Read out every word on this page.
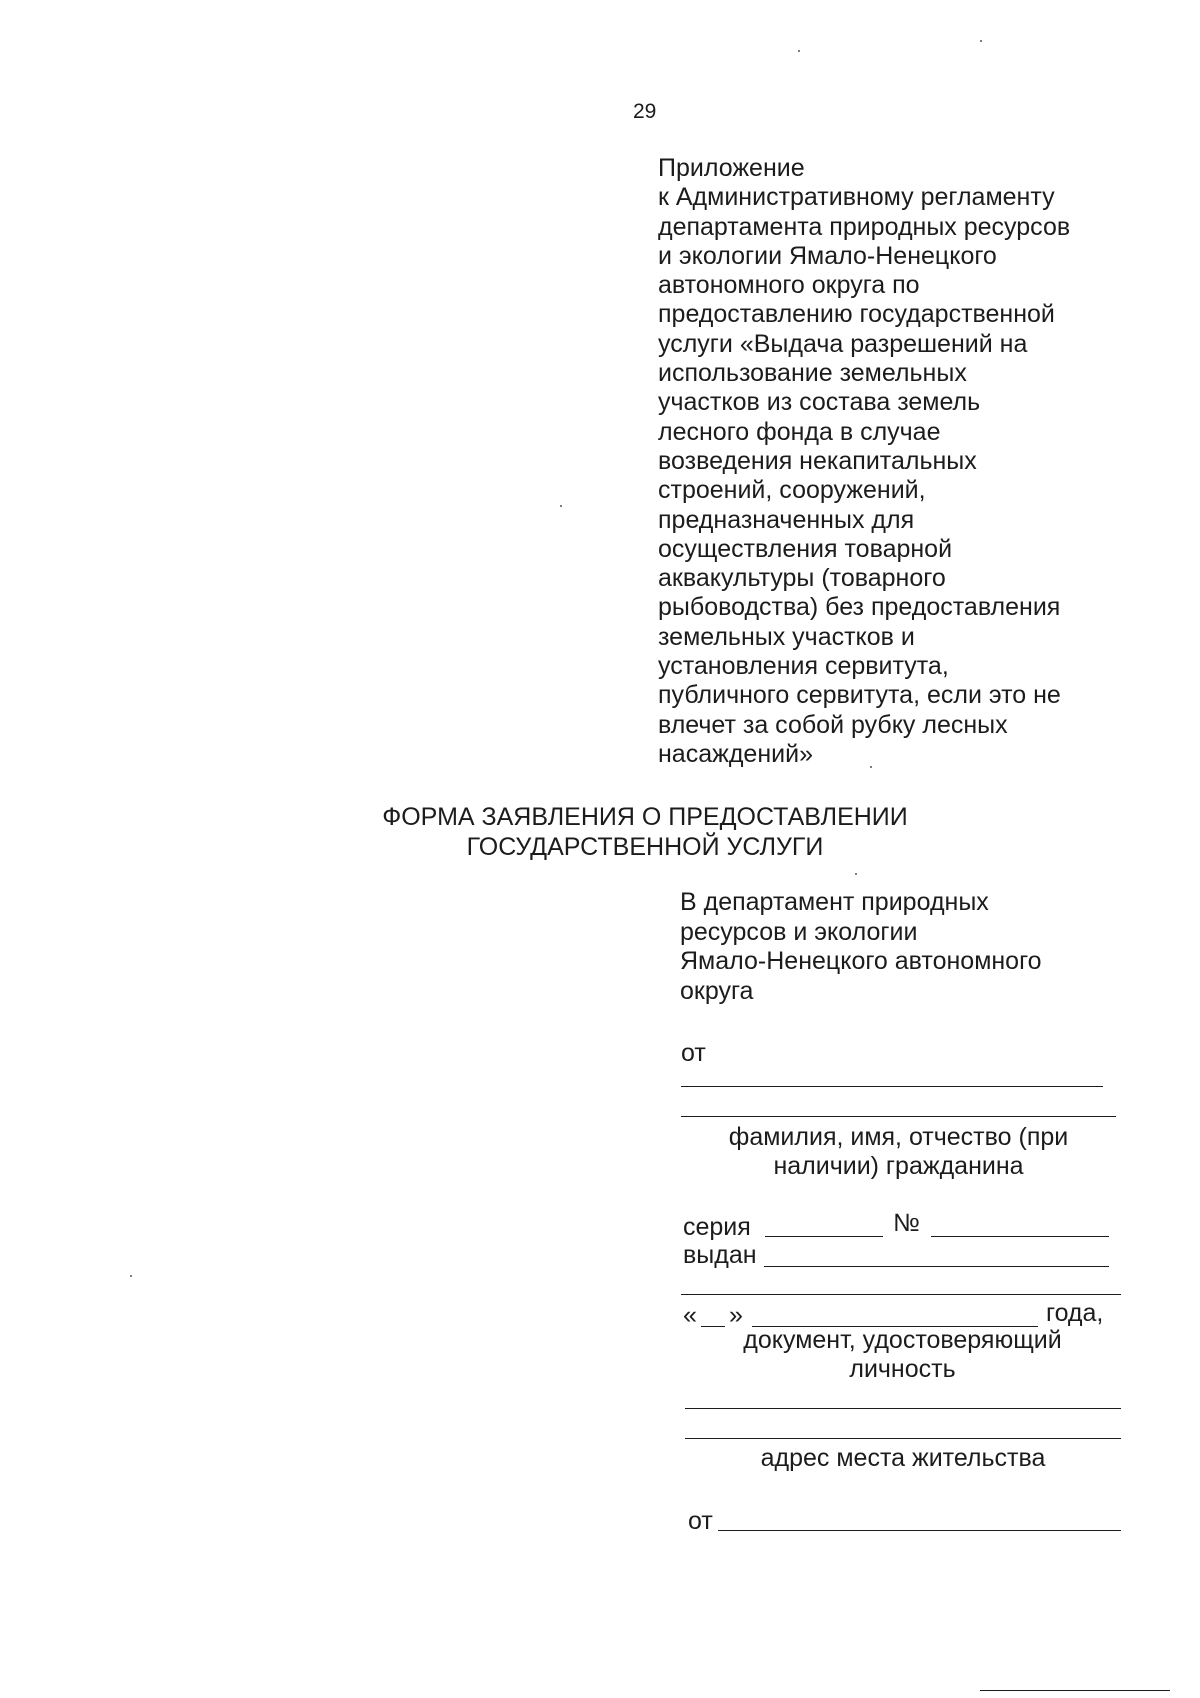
29
Приложение
к Административному регламенту
департамента природных ресурсов
и экологии Ямало-Ненецкого
автономного округа по
предоставлению государственной
услуги «Выдача разрешений на
использование земельных
участков из состава земель
лесного фонда в случае
возведения некапитальных
строений, сооружений,
предназначенных для
осуществления товарной
аквакультуры (товарного
рыбоводства) без предоставления
земельных участков и
установления сервитута,
публичного сервитута, если это не
влечет за собой рубку лесных
насаждений»
ФОРМА ЗАЯВЛЕНИЯ О ПРЕДОСТАВЛЕНИИ
ГОСУДАРСТВЕННОЙ УСЛУГИ
В департамент природных
ресурсов и экологии
Ямало-Ненецкого автономного
округа
от
фамилия, имя, отчество (при
наличии) гражданина
серия	№
выдан
« »	года,
документ, удостоверяющий
личность
адрес места жительства
от
